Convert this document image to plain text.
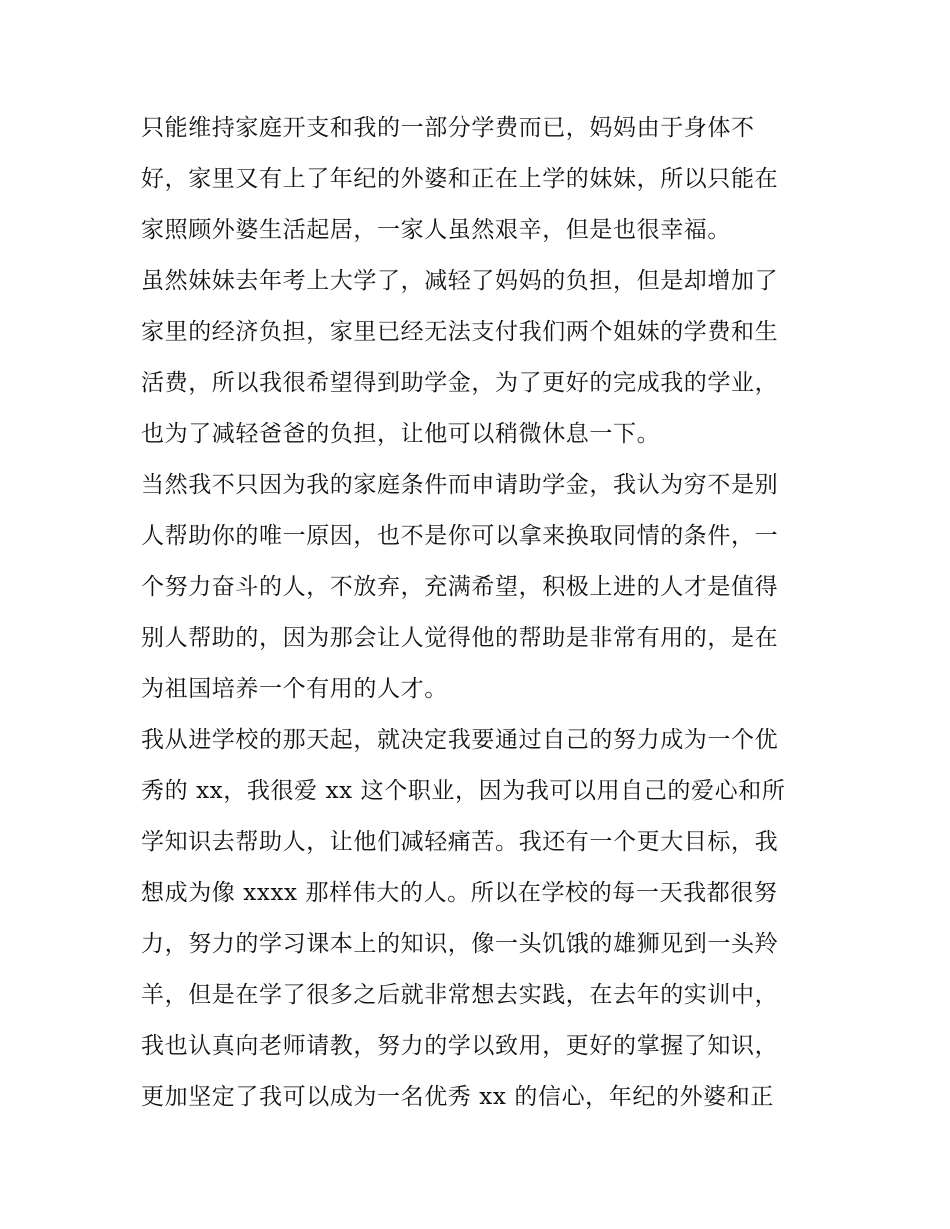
只能维持家庭开支和我的一部分学费而已，妈妈由于身体不
好，家里又有上了年纪的外婆和正在上学的妹妹，所以只能在
家照顾外婆生活起居，一家人虽然艰辛，但是也很幸福。
虽然妹妹去年考上大学了，减轻了妈妈的负担，但是却增加了
家里的经济负担，家里已经无法支付我们两个姐妹的学费和生
活费，所以我很希望得到助学金，为了更好的完成我的学业，
也为了减轻爸爸的负担，让他可以稍微休息一下。
当然我不只因为我的家庭条件而申请助学金，我认为穷不是别
人帮助你的唯一原因，也不是你可以拿来换取同情的条件，一
个努力奋斗的人，不放弃，充满希望，积极上进的人才是值得
别人帮助的，因为那会让人觉得他的帮助是非常有用的，是在
为祖国培养一个有用的人才。
我从进学校的那天起，就决定我要通过自己的努力成为一个优
秀的 xx，我很爱 xx 这个职业，因为我可以用自己的爱心和所
学知识去帮助人，让他们减轻痛苦。我还有一个更大目标，我
想成为像 xxxx 那样伟大的人。所以在学校的每一天我都很努
力，努力的学习课本上的知识，像一头饥饿的雄狮见到一头羚
羊，但是在学了很多之后就非常想去实践，在去年的实训中，
我也认真向老师请教，努力的学以致用，更好的掌握了知识，
更加坚定了我可以成为一名优秀 xx 的信心，年纪的外婆和正
